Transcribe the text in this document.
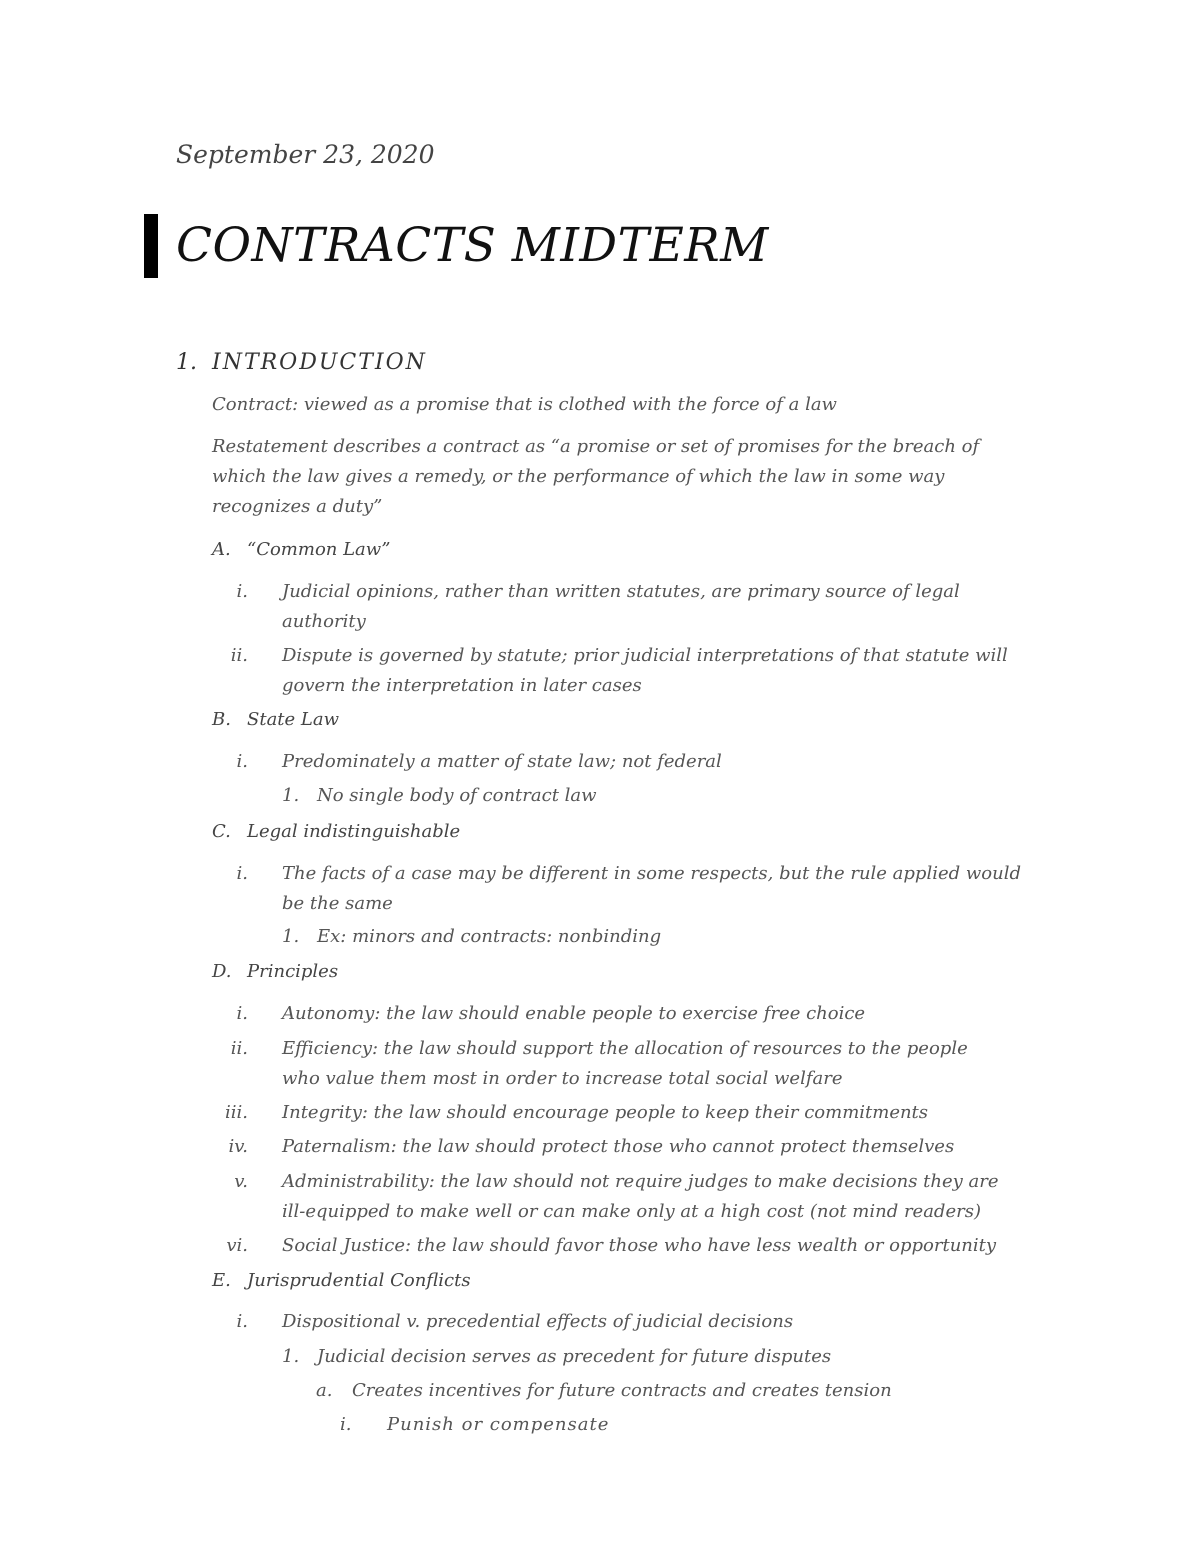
September 23, 2020

CONTRACTS MIDTERM
1. INTRODUCTION

Contract: viewed as a promise that is clothed with the force of a law

Restatement describes a contract as “a promise or set of promises for the breach of which the law gives a remedy, or the performance of which the law in some way recognizes a duty”

A. “Common Law”
i. Judicial opinions, rather than written statutes, are primary source of legal authority
ii. Dispute is governed by statute; prior judicial interpretations of that statute will govern the interpretation in later cases
B. State Law
i. Predominately a matter of state law; not federal
1. No single body of contract law
C. Legal indistinguishable
i. The facts of a case may be different in some respects, but the rule applied would be the same
1. Ex: minors and contracts: nonbinding
D. Principles
i. Autonomy: the law should enable people to exercise free choice
ii. Efficiency: the law should support the allocation of resources to the people who value them most in order to increase total social welfare
iii. Integrity: the law should encourage people to keep their commitments
iv. Paternalism: the law should protect those who cannot protect themselves
v. Administrability: the law should not require judges to make decisions they are ill-equipped to make well or can make only at a high cost (not mind readers)
vi. Social Justice: the law should favor those who have less wealth or opportunity
E. Jurisprudential Conflicts
i. Dispositional v. precedential effects of judicial decisions
1. Judicial decision serves as precedent for future disputes
a. Creates incentives for future contracts and creates tension
i.	Punish or compensate
